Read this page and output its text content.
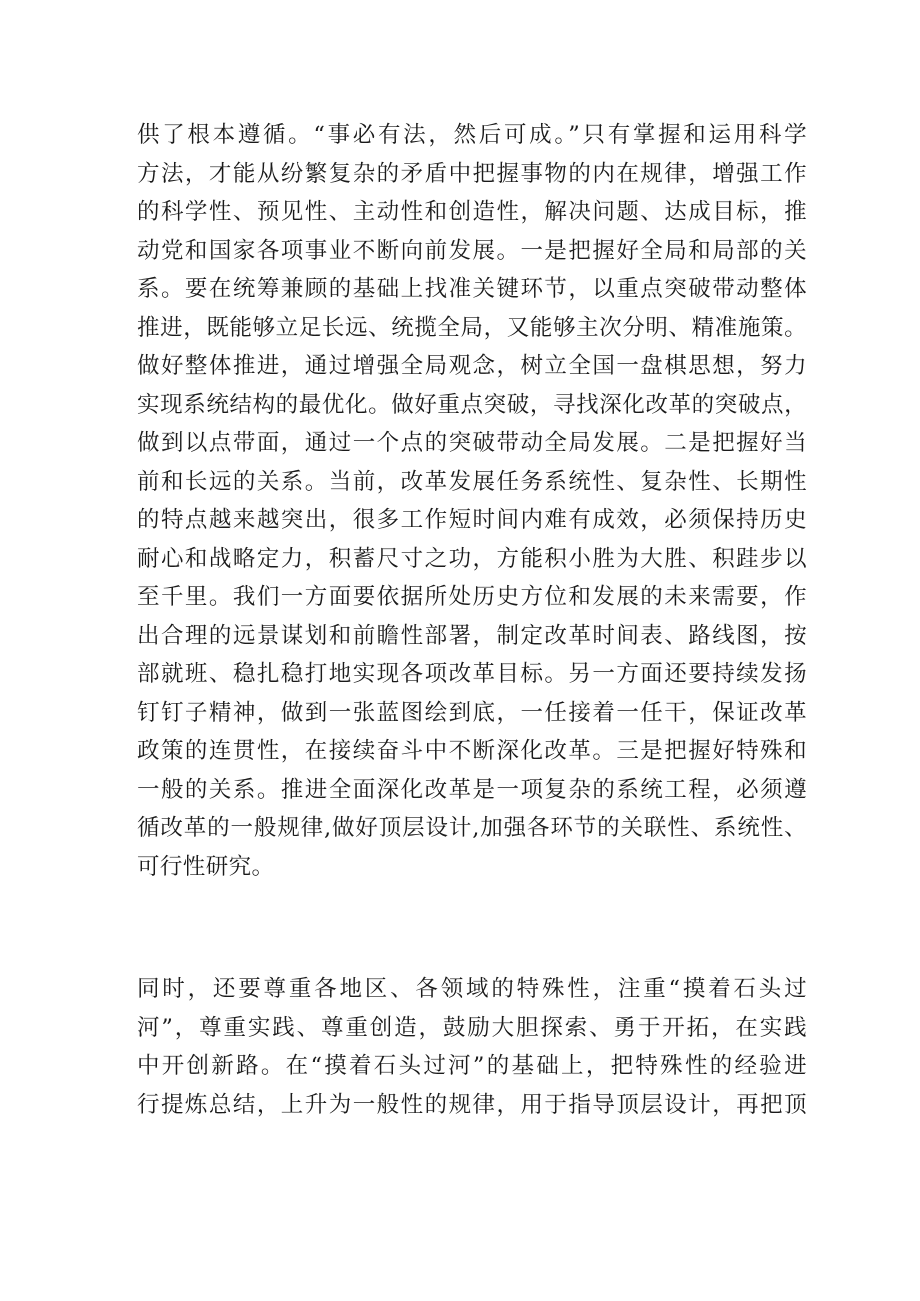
供了根本遵循。“事必有法，然后可成。”只有掌握和运用科学
方法，才能从纷繁复杂的矛盾中把握事物的内在规律，增强工作
的科学性、预见性、主动性和创造性，解决问题、达成目标，推
动党和国家各项事业不断向前发展。一是把握好全局和局部的关
系。要在统筹兼顾的基础上找准关键环节，以重点突破带动整体
推进，既能够立足长远、统揽全局，又能够主次分明、精准施策。
做好整体推进，通过增强全局观念，树立全国一盘棋思想，努力
实现系统结构的最优化。做好重点突破，寻找深化改革的突破点，
做到以点带面，通过一个点的突破带动全局发展。二是把握好当
前和长远的关系。当前，改革发展任务系统性、复杂性、长期性
的特点越来越突出，很多工作短时间内难有成效，必须保持历史
耐心和战略定力，积蓄尺寸之功，方能积小胜为大胜、积跬步以
至千里。我们一方面要依据所处历史方位和发展的未来需要，作
出合理的远景谋划和前瞻性部署，制定改革时间表、路线图，按
部就班、稳扎稳打地实现各项改革目标。另一方面还要持续发扬
钉钉子精神，做到一张蓝图绘到底，一任接着一任干，保证改革
政策的连贯性，在接续奋斗中不断深化改革。三是把握好特殊和
一般的关系。推进全面深化改革是一项复杂的系统工程，必须遵
循改革的一般规律,做好顶层设计,加强各环节的关联性、系统性、
可行性研究。
同时，还要尊重各地区、各领域的特殊性，注重“摸着石头过
河”，尊重实践、尊重创造，鼓励大胆探索、勇于开拓，在实践
中开创新路。在“摸着石头过河”的基础上，把特殊性的经验进
行提炼总结，上升为一般性的规律，用于指导顶层设计，再把顶
